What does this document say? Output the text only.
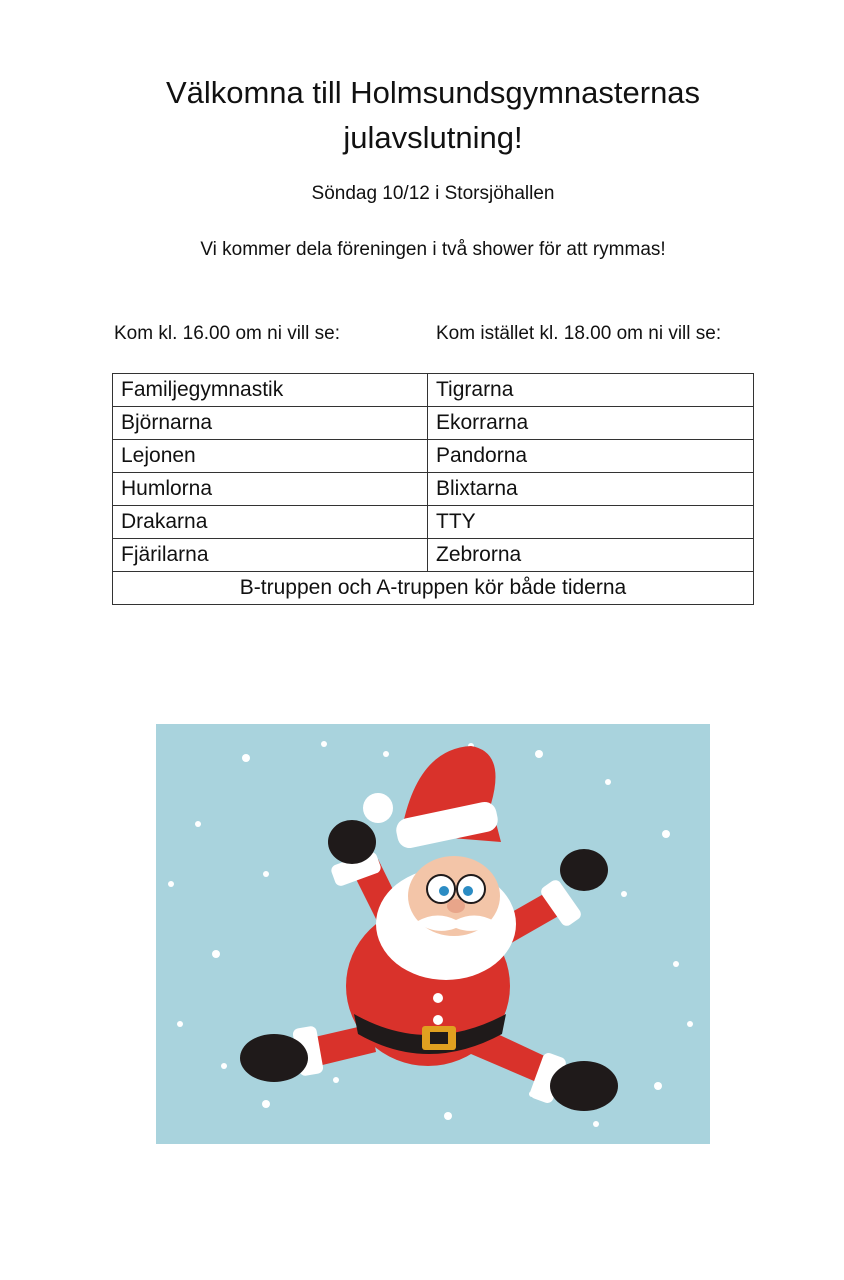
Välkomna till Holmsundsgymnasternas
julavslutning!
Söndag 10/12 i Storsjöhallen
Vi kommer dela föreningen i två shower för att rymmas!
Kom kl. 16.00 om ni vill se:	Kom istället kl. 18.00 om ni vill se:
Familjegymnastik	Tigrarna
Björnarna	Ekorrarna
Lejonen	Pandorna
Humlorna	Blixtarna
Drakarna	TTY
Fjärilarna	Zebrorna
B-truppen och A-truppen kör både tiderna	
